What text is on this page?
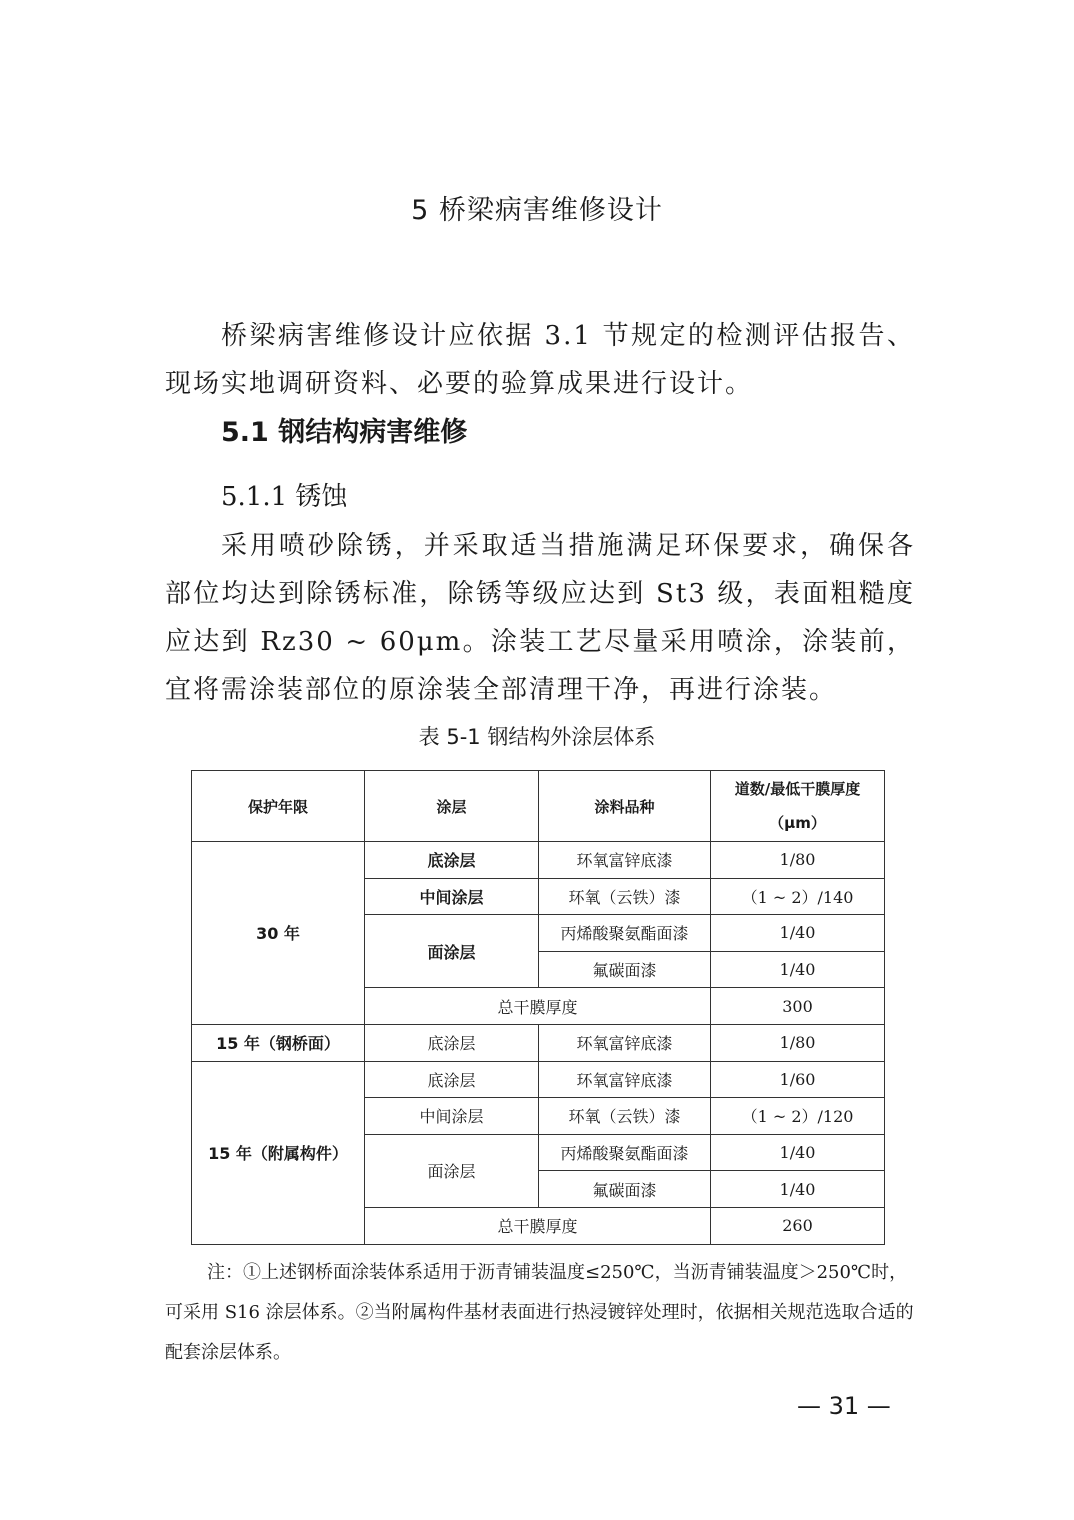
5 桥梁病害维修设计
桥梁病害维修设计应依据 3.1 节规定的检测评估报告、现场实地调研资料、必要的验算成果进行设计。
5.1 钢结构病害维修
5.1.1 锈蚀
采用喷砂除锈，并采取适当措施满足环保要求，确保各部位均达到除锈标准，除锈等级应达到 St3 级，表面粗糙度应达到 Rz30 ~ 60μm。涂装工艺尽量采用喷涂，涂装前，宜将需涂装部位的原涂装全部清理干净，再进行涂装。
表 5-1 钢结构外涂层体系
保护年限	涂层	涂料品种	道数/最低干膜厚度（μm）
30 年	底涂层	环氧富锌底漆	1/80
	中间涂层	环氧（云铁）漆	（1 ~ 2）/140
	面涂层	丙烯酸聚氨酯面漆	1/40
		氟碳面漆	1/40
	总干膜厚度		300
15 年（钢桥面）	底涂层	环氧富锌底漆	1/80
15 年（附属构件）	底涂层	环氧富锌底漆	1/60
	中间涂层	环氧（云铁）漆	（1 ~ 2）/120
	面涂层	丙烯酸聚氨酯面漆	1/40
		氟碳面漆	1/40
	总干膜厚度		260
注：①上述钢桥面涂装体系适用于沥青铺装温度≤250℃，当沥青铺装温度＞250℃时，可采用 S16 涂层体系。②当附属构件基材表面进行热浸镀锌处理时，依据相关规范选取合适的配套涂层体系。
— 31 —
